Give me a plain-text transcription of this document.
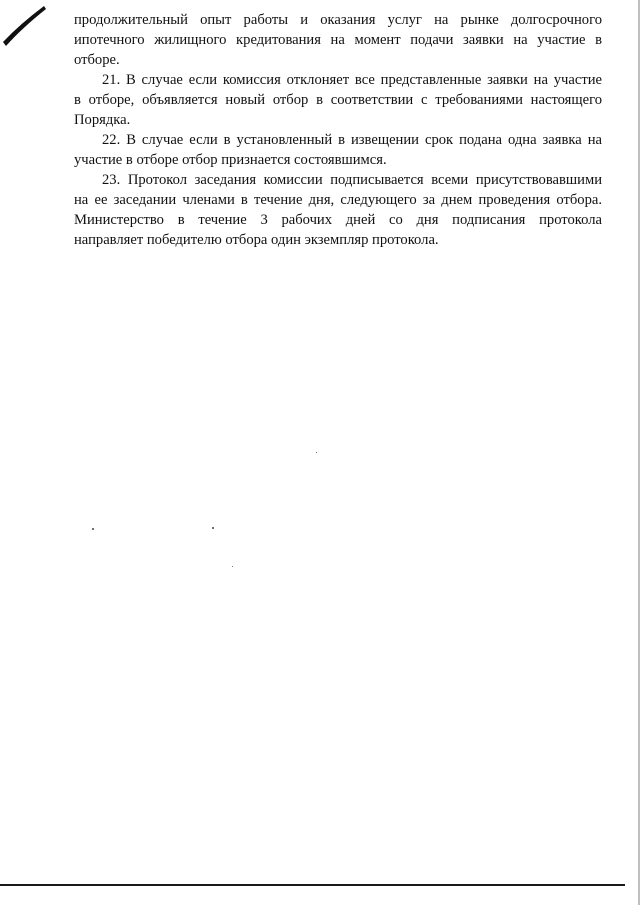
продолжительный опыт работы и оказания услуг на рынке долгосрочного
ипотечного жилищного кредитования на момент подачи заявки на участие в
отборе.

21. В случае если комиссия отклоняет все представленные заявки на участие
в отборе, объявляется новый отбор в соответствии с требованиями настоящего
Порядка.

22. В случае если в установленный в извещении срок подана одна заявка на
участие в отборе отбор признается состоявшимся.

23. Протокол заседания комиссии подписывается всеми присутствовавшими
на ее заседании членами в течение дня, следующего за днем проведения отбора.
Министерство в течение 3 рабочих дней со дня подписания протокола
направляет победителю отбора один экземпляр протокола.
